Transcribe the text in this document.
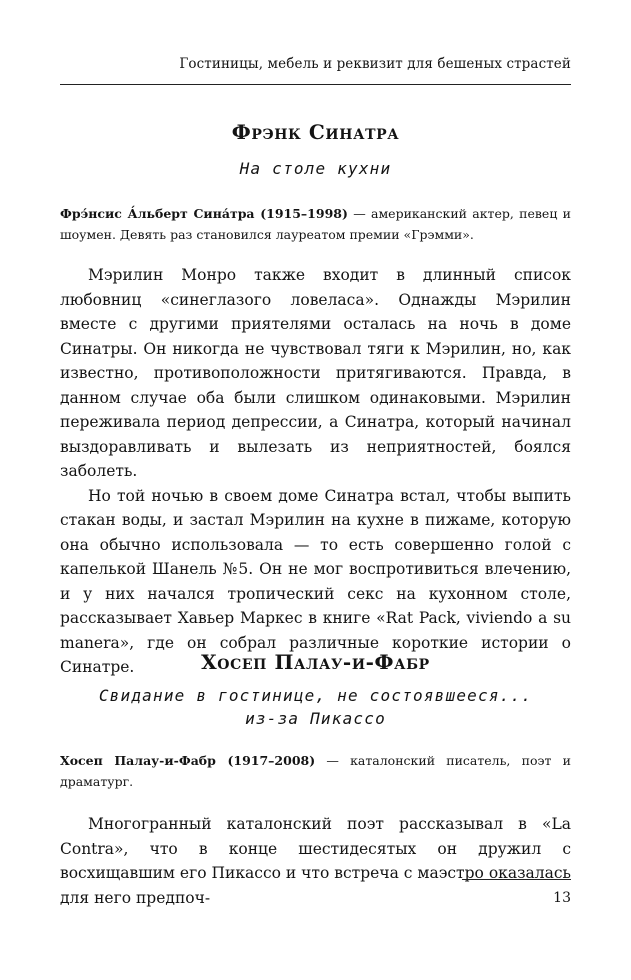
Гостиницы, мебель и реквизит для бешеных страстей
Фрэнк Синатра
На столе кухни
Фрэ́нсис А́льберт Сина́тра (1915–1998) — американский актер, певец и шоумен. Девять раз становился лауреатом премии «Грэмми».

Мэрилин Монро также входит в длинный список любовниц «синеглазого ловеласа». Однажды Мэрилин вместе с другими приятелями осталась на ночь в доме Синатры. Он никогда не чувствовал тяги к Мэрилин, но, как известно, противоположности притягиваются. Правда, в данном случае оба были слишком одинаковыми. Мэрилин переживала период депрессии, а Синатра, который начинал выздоравливать и вылезать из неприятностей, боялся заболеть.

Но той ночью в своем доме Синатра встал, чтобы выпить стакан воды, и застал Мэрилин на кухне в пижаме, которую она обычно использовала — то есть совершенно голой с капелькой Шанель №5. Он не мог воспротивиться влечению, и у них начался тропический секс на кухонном столе, рассказывает Хавьер Маркес в книге «Rat Pack, viviendo a su manera», где он собрал различные короткие истории о Синатре.	Хосеп Палау-и-Фабр
Свидание в гостинице, не состоявшееся...
из-за Пикассо
Хосеп Палау-и-Фабр (1917–2008) — каталонский писатель, поэт и драматург.

Многогранный каталонский поэт рассказывал в «La Contra», что в конце шестидесятых он дружил с восхищавшим его Пикассо и что встреча с маэстро оказалась для него предпоч-	13
